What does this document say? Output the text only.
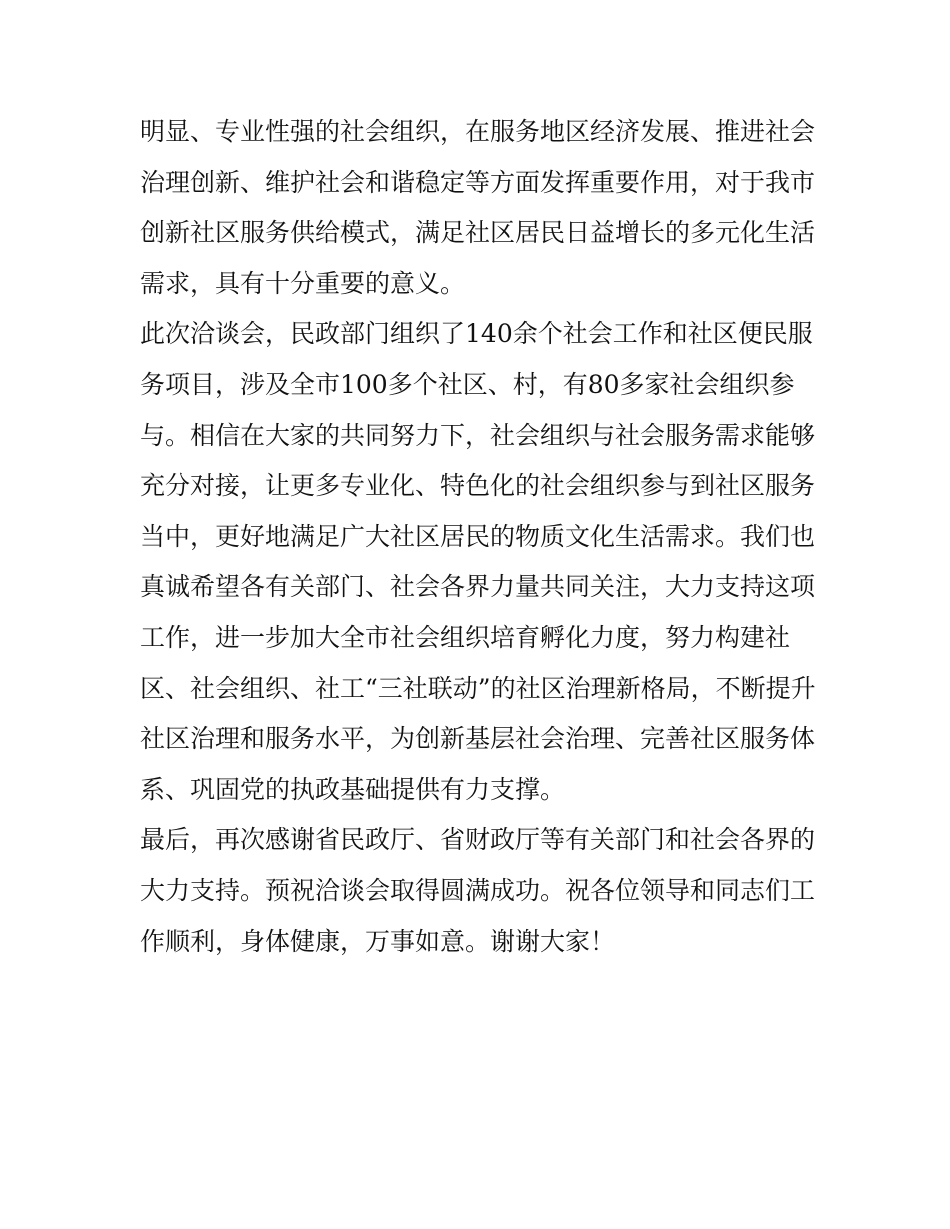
明显、专业性强的社会组织，在服务地区经济发展、推进社会
治理创新、维护社会和谐稳定等方面发挥重要作用，对于我市
创新社区服务供给模式，满足社区居民日益增长的多元化生活
需求，具有十分重要的意义。
此次洽谈会，民政部门组织了140余个社会工作和社区便民服
务项目，涉及全市100多个社区、村，有80多家社会组织参
与。相信在大家的共同努力下，社会组织与社会服务需求能够
充分对接，让更多专业化、特色化的社会组织参与到社区服务
当中，更好地满足广大社区居民的物质文化生活需求。我们也
真诚希望各有关部门、社会各界力量共同关注，大力支持这项
工作，进一步加大全市社会组织培育孵化力度，努力构建社
区、社会组织、社工“三社联动”的社区治理新格局，不断提升
社区治理和服务水平，为创新基层社会治理、完善社区服务体
系、巩固党的执政基础提供有力支撑。
最后，再次感谢省民政厅、省财政厅等有关部门和社会各界的
大力支持。预祝洽谈会取得圆满成功。祝各位领导和同志们工
作顺利，身体健康，万事如意。谢谢大家！
